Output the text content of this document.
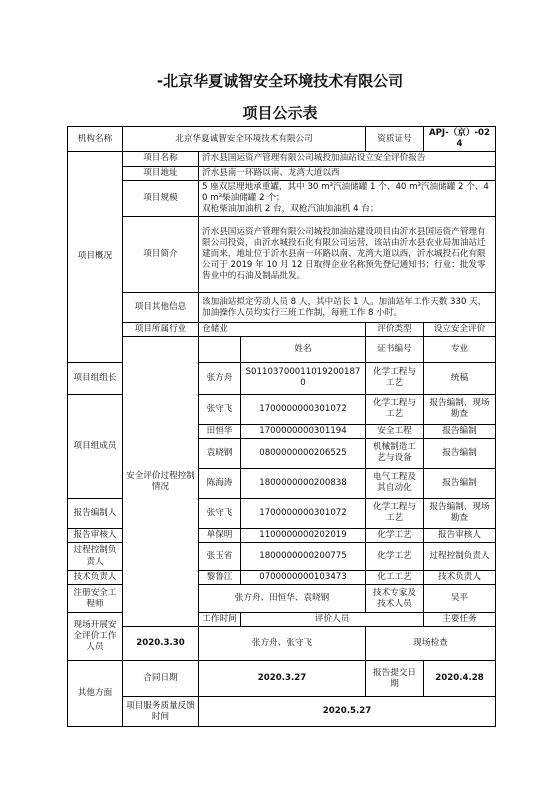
-北京华夏诚智安全环境技术有限公司
项目公示表
机构名称	北京华夏诚智安全环境技术有限公司			资质证号	APJ-（京）-024	
项目概况	项目名称	沂水县国运资产管理有限公司城投加油站设立安全评价报告				
	项目地址	沂水县南一环路以南、龙湾大道以西				
	项目规模	5 座双层埋地承重罐，其中 30 m³汽油储罐 1 个、40 m³汽油储罐 2 个、40 m³柴油储罐 2 个；
双枪柴油加油机 2 台，双枪汽油加油机 4 台；				

	项目简介	沂水县国运资产管理有限公司城投加油站建设项目由沂水县国运资产管理有限公司投资，由沂水城投石化有限公司运营，该站由沂水县农业局加油站迁建而来，地址位于沂水县南一环路以南、龙湾大道以西，沂水城投石化有限公司于 2019 年 10 月 12 日取得企业名称预先登记通知书；行业：批发零售业中的石油及制品批发。				
	项目其他信息	该加油站拟定劳动人员 8 人，其中站长 1 人。加油站年工作天数 330 天，加油操作人员均实行三班工作制，每班工作 8 小时。				
	项目所属行业	仓储业		评价类型	设立安全评价	
	安全评价过程控制情况		姓名	证书编号	专业	
项目组组长		张方舟	S011037000110192001870	化学工程与工艺	统稿	
项目组成员		张守飞	1700000000301072	化学工程与工艺	报告编制、现场勘查	
		田恒华	1700000000301194	安全工程	报告编制	
		袁晓钢	0800000000206525	机械制造工艺与设备	报告编制	
		陈海涛	1800000000200838	电气工程及其自动化	报告编制	
报告编制人		张守飞	1700000000301072	化学工程与工艺	报告编制、现场勘查	
报告审核人		单保明	1100000000202019	化学工艺	报告审核人	
过程控制负责人		张玉省	1800000000200775	化学工艺	过程控制负责人	
技术负责人		黎鲁江	0700000000103473	化工工艺	技术负责人	
注册安全工程师		张方舟、田恒华、袁晓钢		技术专家及技术人员	吴平	
现场开展安全评价工作人员		工作时间	评价人员		主要任务	
	2020.3.30	张方舟、张守飞		现场检查		
其他方面	合同日期	2020.3.27		报告提交日期	2020.4.28	
	项目服务质量反馈时间	2020.5.27				
